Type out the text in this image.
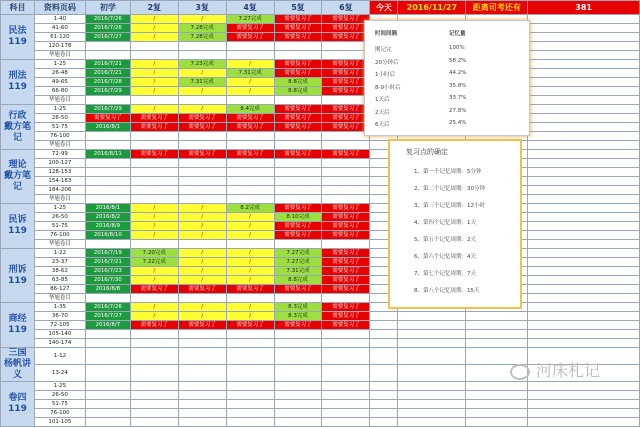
科目	资料页码	初学	2复	3复	4复	5复	6复	今天	2016/11/27	距离司考还有	381
民法
119	1-40	2016/7/26	/	/	7.27完成	需要复习了	需要复习了				
	41-60	2016/7/26	/	7.28完成	需要复习了	需要复习了	需要复习了				
	61-120	2016/7/27	/	7.28完成	需要复习了	需要复习了	需要复习了				
	120-178										
	华旭卷目										
刑法
119	1-25	2016/7/21	/	7.23完成	/	需要复习了	需要复习了				
	26-48	2016/7/21	/	/	7.31完成	需要复习了	需要复习了				
	49-65	2016/7/28	/	7.31完成	/	8.8完成	需要复习了				
	66-80	2016/7/29	/	/	/	8.8完成	需要复习了				
	华旭卷目										
行政
戴方笔记	1-25	2016/7/29	/	/	8.4完成	需要复习了	需要复习了				
	26-50	需要复习了	需要复习了	需要复习了	需要复习了	需要复习了	需要复习了				
	51-75	2016/8/1	需要复习了	需要复习了	需要复习了	需要复习了	需要复习了				
	76-100										
	华旭卷目										
理论
戴方笔记	72-99	2016/8/11	需要复习了	需要复习了	需要复习了	需要复习了	需要复习了				
	100-127										
	128-153										
	154-183										
	184-206										
	华旭卷目										
民诉
119	1-25	2016/8/1	/	/	8.2完成	需要复习了	需要复习了				
	26-50	2016/8/2	/	/	/	8.10完成	需要复习了				
	51-75	2016/8/9	/	/	/	需要复习了	需要复习了				
	76-100	2016/8/10	/	/	/	需要复习了	需要复习了				
	华旭卷目										
刑诉
119	1-22	2016/7/19	7.20完成	/	/	7.27完成	需要复习了				
	23-37	2016/7/21	7.22完成	/	/	7.27完成	需要复习了				
	38-62	2016/7/23	/	/	/	7.31完成	需要复习了				
	63-85	2016/7/30	/	/	/	8.8完成	需要复习了				
	86-127	2016/8/8	需要复习了	需要复习了	需要复习了	需要复习了	需要复习了				
	华旭卷目										
商经
119	1-35	2016/7/26	/	/	/	8.3完成	需要复习了				
	36-70	2016/7/27	/	/	/	8.3完成	需要复习了				
	72-105	2016/8/7	需要复习了	需要复习了	需要复习了	需要复习了	需要复习了				
	105-140										
	140-174										
三国
杨帆讲义	1-12										
	13-24										
卷四
119	1-25										
	26-50										
	51-75										
	76-100										
	101-105										
时间间隔	记忆量
刚记完	100%
20分钟后	58.2%
1小时后	44.2%
8-9小时后	35.8%
1天后	33.7%
2天后	27.8%
6天后	25.4%
复习点的确定
1、第一个记忆周期：5分钟
2、第二个记忆周期：30分钟
3、第三个记忆周期：12小时
4、第四个记忆周期：1天
5、第五个记忆周期：2天
6、第六个记忆周期：4天
7、第七个记忆周期：7天
8、第八个记忆周期：15天
河床札记
